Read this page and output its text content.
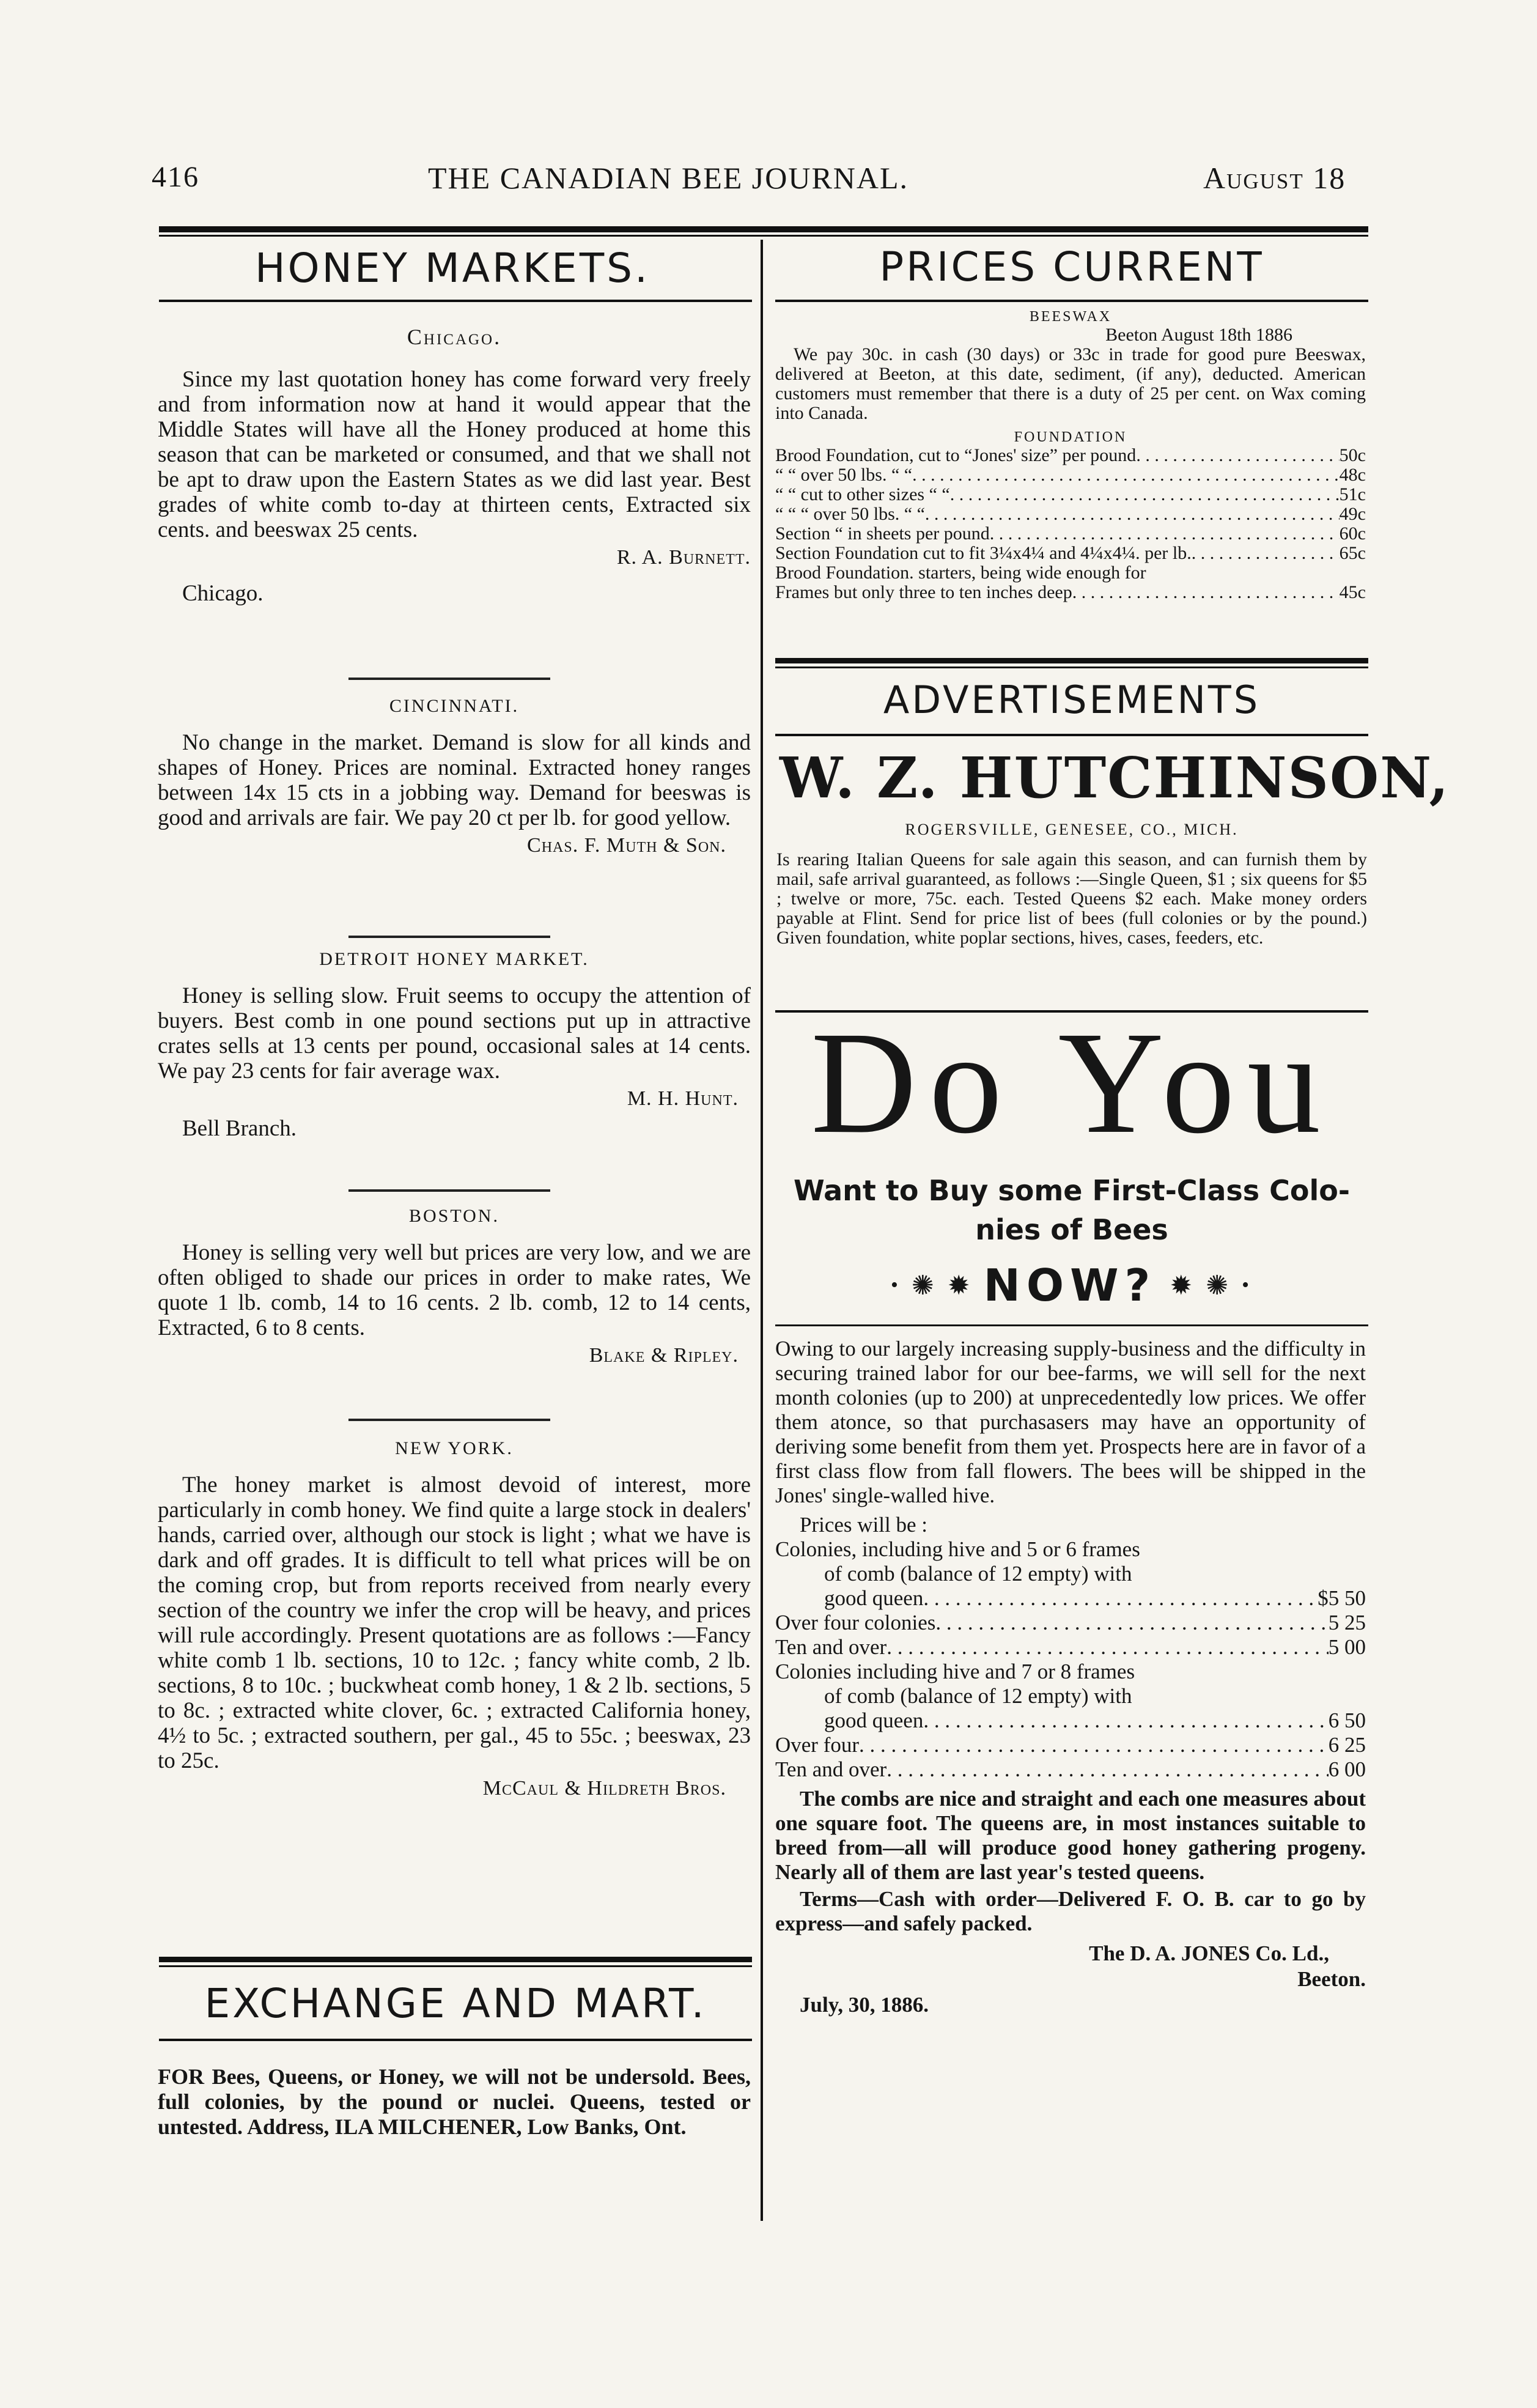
416	THE CANADIAN BEE JOURNAL.	August 18
HONEY MARKETS.
Chicago.
Since my last quotation honey has come forward very freely and from information now at hand it would appear that the Middle States will have all the Honey produced at home this season that can be marketed or consumed, and that we shall not be apt to draw upon the Eastern States as we did last year. Best grades of white comb to-day at thirteen cents, Extracted six cents. and beeswax 25 cents.
R. A. Burnett.
Chicago.
CINCINNATI.
No change in the market. Demand is slow for all kinds and shapes of Honey. Prices are nominal. Extracted honey ranges between 14x 15 cts in a jobbing way. Demand for beeswas is good and arrivals are fair. We pay 20 ct per lb. for good yellow.
Chas. F. Muth & Son.
DETROIT HONEY MARKET.
Honey is selling slow. Fruit seems to occupy the attention of buyers. Best comb in one pound sections put up in attractive crates sells at 13 cents per pound, occasional sales at 14 cents. We pay 23 cents for fair average wax.
M. H. Hunt.
Bell Branch.
BOSTON.
Honey is selling very well but prices are very low, and we are often obliged to shade our prices in order to make rates, We quote 1 lb. comb, 14 to 16 cents. 2 lb. comb, 12 to 14 cents, Extracted, 6 to 8 cents.
Blake & Ripley.
NEW YORK.
The honey market is almost devoid of interest, more particularly in comb honey. We find quite a large stock in dealers' hands, carried over, although our stock is light ; what we have is dark and off grades. It is difficult to tell what prices will be on the coming crop, but from reports received from nearly every section of the country we infer the crop will be heavy, and prices will rule accordingly. Present quotations are as follows :—Fancy white comb 1 lb. sections, 10 to 12c. ; fancy white comb, 2 lb. sections, 8 to 10c. ; buckwheat comb honey, 1 & 2 lb. sections, 5 to 8c. ; extracted white clover, 6c. ; extracted California honey, 4½ to 5c. ; extracted southern, per gal., 45 to 55c. ; beeswax, 23 to 25c.
McCaul & Hildreth Bros.
EXCHANGE AND MART.
FOR Bees, Queens, or Honey, we will not be undersold. Bees, full colonies, by the pound or nuclei. Queens, tested or untested. Address, ILA MILCHENER, Low Banks, Ont.
PRICES CURRENT
BEESWAX
Beeton August 18th 1886
We pay 30c. in cash (30 days) or 33c in trade for good pure Beeswax, delivered at Beeton, at this date, sediment, (if any), deducted. American customers must remember that there is a duty of 25 per cent. on Wax coming into Canada.
FOUNDATION
Brood Foundation, cut to “Jones' size” per pound . . .	50c
“ “ over 50 lbs. “ “ . . .	48c
“ “ cut to other sizes “ “ . . .	51c
“ “ “ over 50 lbs. “ “ . . .	49c
Section “ in sheets per pound . . .	60c
Section Foundation cut to fit 3¼x4¼ and 4¼x4¼. per lb. . . .	65c
Brood Foundation. starters, being wide enough for
Frames but only three to ten inches deep . . .	45c
ADVERTISEMENTS
W. Z. HUTCHINSON,
ROGERSVILLE, GENESEE, CO., MICH.
Is rearing Italian Queens for sale again this season, and can furnish them by mail, safe arrival guaranteed, as follows :—Single Queen, $1 ; six queens for $5 ; twelve or more, 75c. each. Tested Queens $2 each. Make money orders payable at Flint. Send for price list of bees (full colonies or by the pound.) Given foundation, white poplar sections, hives, cases, feeders, etc.
Do You
Want to Buy some First-Class Colo-
nies of Bees
• ✺ ✹ NOW? ✹ ✺ •
Owing to our largely increasing supply-business and the difficulty in securing trained labor for our bee-farms, we will sell for the next month colonies (up to 200) at unprecedentedly low prices. We offer them atonce, so that purchasasers may have an opportunity of deriving some benefit from them yet. Prospects here are in favor of a first class flow from fall flowers. The bees will be shipped in the Jones' single-walled hive.
Prices will be :
Colonies, including hive and 5 or 6 frames
of comb (balance of 12 empty) with
good queen . . .	$5 50
Over four colonies . . .	5 25
Ten and over . . .	5 00
Colonies including hive and 7 or 8 frames
of comb (balance of 12 empty) with
good queen . . .	6 50
Over four . . .	6 25
Ten and over . . .	6 00
The combs are nice and straight and each one measures about one square foot. The queens are, in most instances suitable to breed from—all will produce good honey gathering progeny. Nearly all of them are last year's tested queens.
Terms—Cash with order—Delivered F. O. B. car to go by express—and safely packed.
The D. A. JONES Co. Ld.,
Beeton.
July, 30, 1886.
